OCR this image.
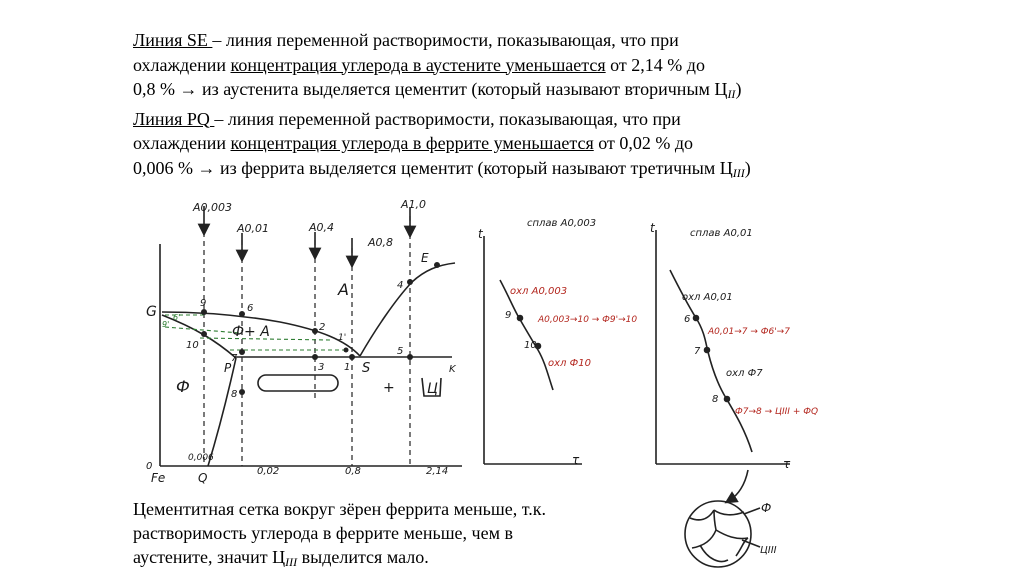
Линия SE – линия переменной растворимости, показывающая, что при

охлаждении концентрация углерода в аустените уменьшается от 2,14 % до

0,8 % → из аустенита выделяется цементит (который называют вторичным $Ц_{II}$)

Линия PQ – линия переменной растворимости, показывающая, что при

охлаждении концентрация углерода в феррите уменьшается от 0,02 % до

0,006 % → из феррита выделяется цементит (который называют третичным $Ц_{III}$)

A0,003
A0,01	A0,4
A0,8
A1,0
G
E
S
P
Q
K
Fe
A
Ф+ A
Ф	+ Ц
9	6
2
1'
10
7
3 1
5
4
8
9'
6'
0
0,006
0,02	0,8	2,14
сплав А0,003
t
τ
охл А0,003
9
10
охл Ф10
А0,003→10 → Ф9'→10
сплав А0,01
t
τ
охл А0,01
6
7
охл Ф7
8
А0,01→7 → Ф6'→7
Ф7→8 → ЦIII + ФQ
Ф
ЦIII

Цементитная сетка вокруг зёрен феррита меньше, т.к.

растворимость углерода в феррите меньше, чем в

аустените, значит $Ц_{III}$ выделится мало.
